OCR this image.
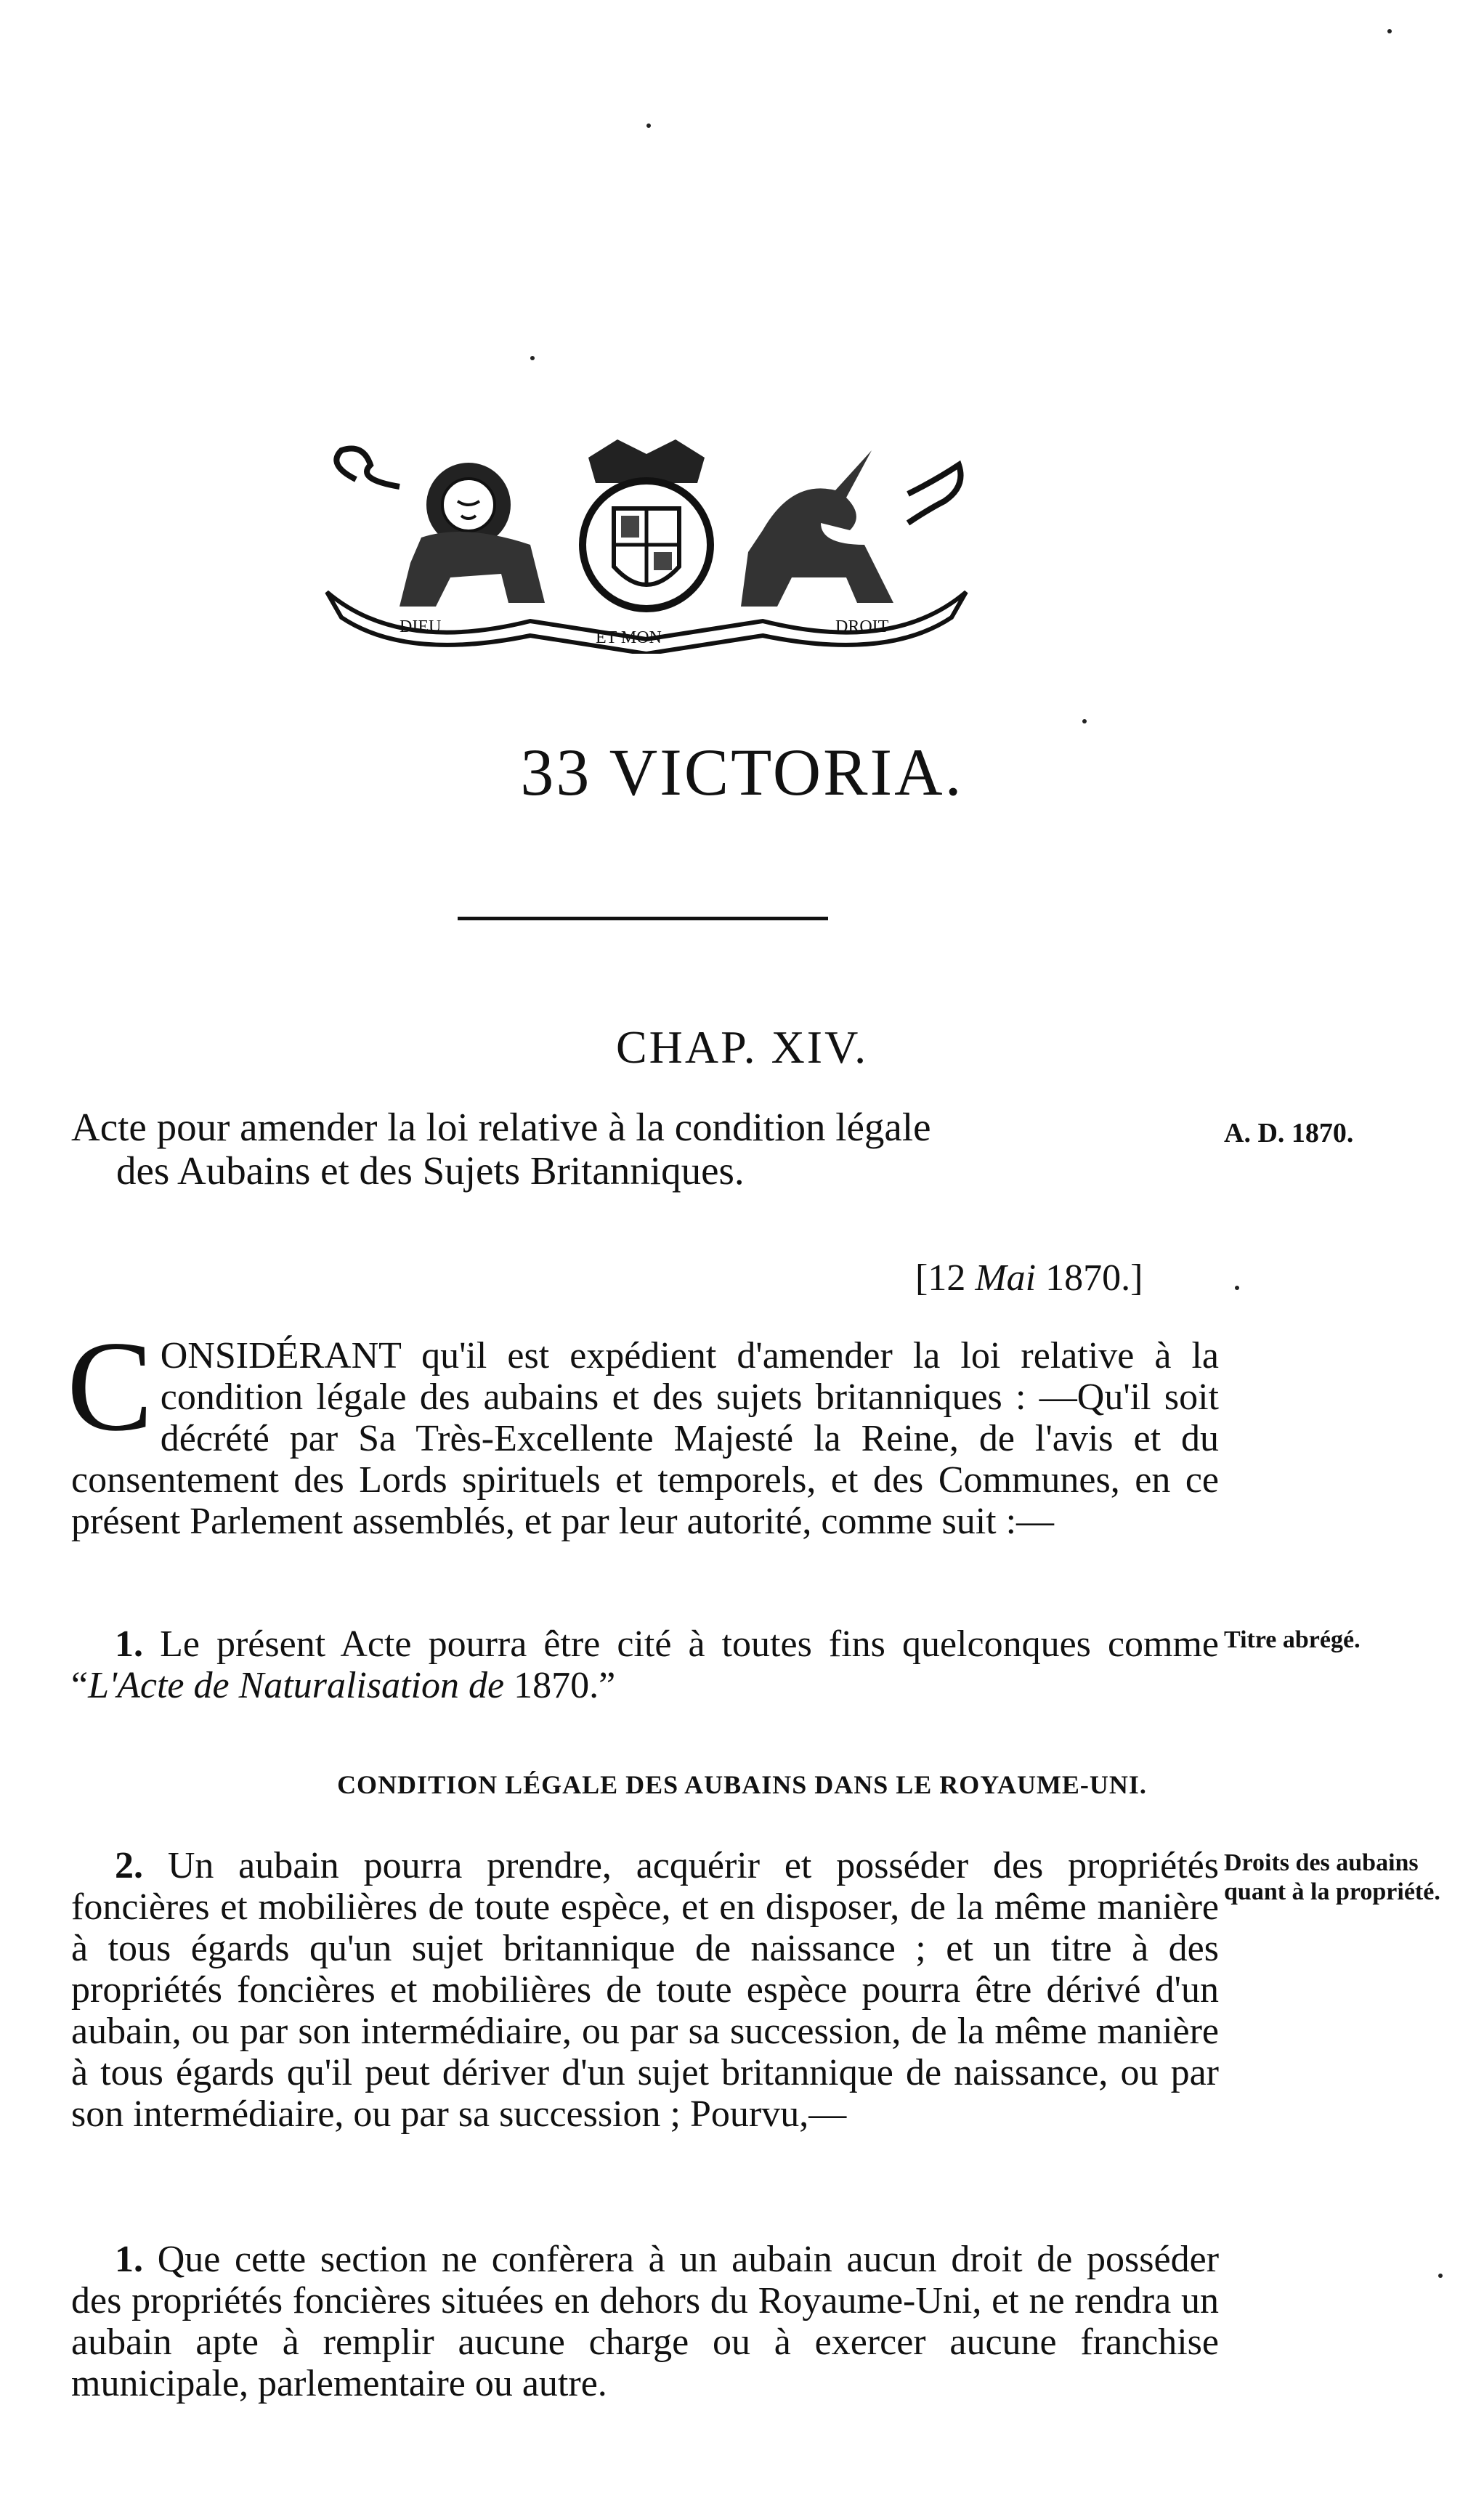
DIEU
ET MON
DROIT
33 VICTORIA.
CHAP. XIV.
Acte pour amender la loi relative à la condition légale
des Aubains et des Sujets Britanniques.
A. D. 1870.
[12 Mai 1870.]
CONSIDÉRANT qu'il est expédient d'amender la loi relative à la condition légale des aubains et des sujets britanniques : —Qu'il soit décrété par Sa Très-Excellente Majesté la Reine, de l'avis et du consentement des Lords spirituels et temporels, et des Communes, en ce présent Parlement assemblés, et par leur autorité, comme suit :—
1. Le présent Acte pourra être cité à toutes fins quelconques comme “L'Acte de Naturalisation de 1870.”
Titre abrégé.
CONDITION LÉGALE DES AUBAINS DANS LE ROYAUME-UNI.
2. Un aubain pourra prendre, acquérir et posséder des propriétés foncières et mobilières de toute espèce, et en disposer, de la même manière à tous égards qu'un sujet britannique de naissance ; et un titre à des propriétés foncières et mobilières de toute espèce pourra être dérivé d'un aubain, ou par son intermédiaire, ou par sa succession, de la même manière à tous égards qu'il peut dériver d'un sujet britannique de naissance, ou par son intermédiaire, ou par sa succession ; Pourvu,—
Droits des aubains quant à la propriété.
1. Que cette section ne confèrera à un aubain aucun droit de posséder des propriétés foncières situées en dehors du Royaume-Uni, et ne rendra un aubain apte à remplir aucune charge ou à exercer aucune franchise municipale, parlementaire ou autre.
